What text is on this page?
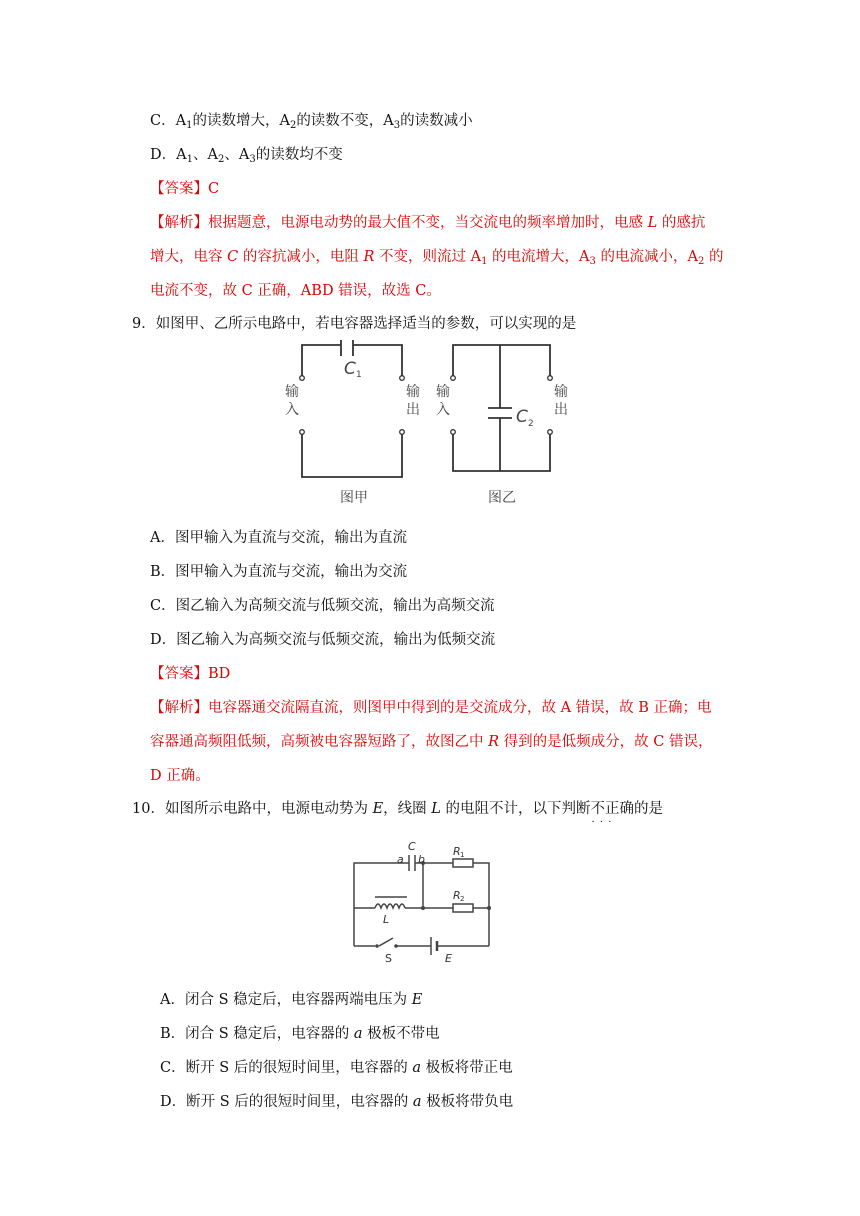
C．$A_1$的读数增大，$A_2$的读数不变，$A_3$的读数减小
D．$A_1$、$A_2$、$A_3$的读数均不变
【答案】C
【解析】根据题意，电源电动势的最大值不变，当交流电的频率增加时，电感 L 的感抗
增大，电容 C 的容抗减小，电阻 R 不变，则流过 $A_1$ 的电流增大，$A_3$ 的电流减小，$A_2$ 的
电流不变，故 C 正确，ABD 错误，故选 C。
9．如图甲、乙所示电路中，若电容器选择适当的参数，可以实现的是
C 1
输
入
输
出
图甲
C 2
输
入
输
出
图乙
A．图甲输入为直流与交流，输出为直流
B．图甲输入为直流与交流，输出为交流
C．图乙输入为高频交流与低频交流，输出为高频交流
D．图乙输入为高频交流与低频交流，输出为低频交流
【答案】BD
【解析】电容器通交流隔直流，则图甲中得到的是交流成分，故 A 错误，故 B 正确；电
容器通高频阻低频，高频被电容器短路了，故图乙中 R 得到的是低频成分，故 C 错误，
D 正确。
10．如图所示电路中，电源电动势为 E，线圈 L 的电阻不计，以下判断不正确 · · ·的是
C
a b
R 1
R 2
L
S	E
A．闭合 S 稳定后，电容器两端电压为 E
B．闭合 S 稳定后，电容器的 a 极板不带电
C．断开 S 后的很短时间里，电容器的 a 极板将带正电
D．断开 S 后的很短时间里，电容器的 a 极板将带负电
